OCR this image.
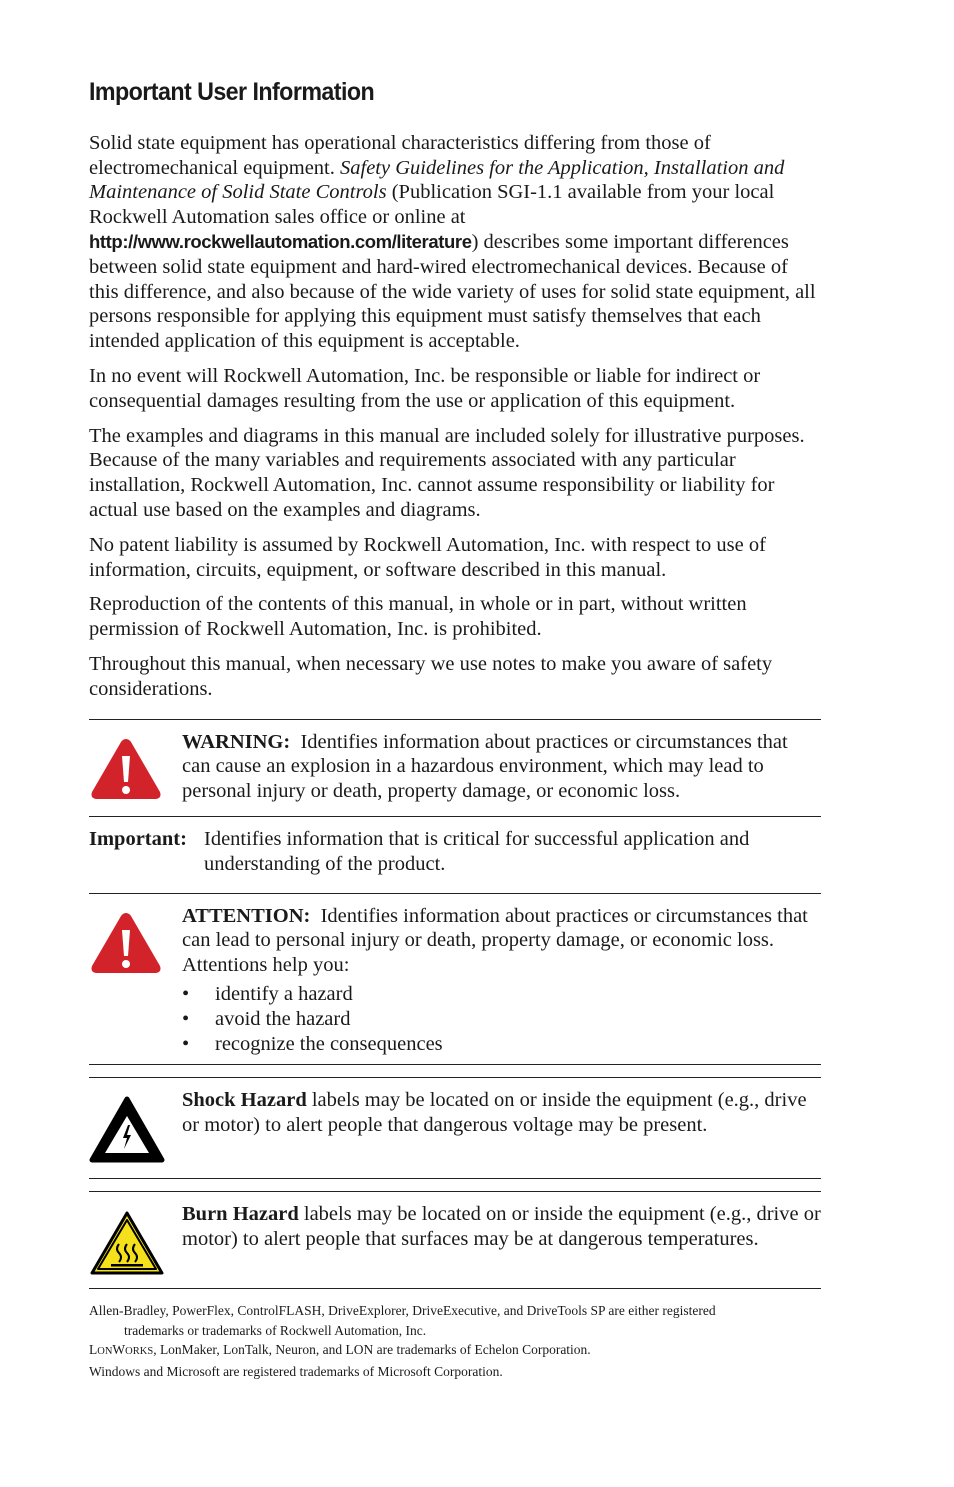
Important User Information

Solid state equipment has operational characteristics differing from those of electromechanical equipment. Safety Guidelines for the Application, Installation and Maintenance of Solid State Controls (Publication SGI-1.1 available from your local Rockwell Automation sales office or online at http://www.rockwellautomation.com/literature) describes some important differences between solid state equipment and hard-wired electromechanical devices. Because of this difference, and also because of the wide variety of uses for solid state equipment, all persons responsible for applying this equipment must satisfy themselves that each intended application of this equipment is acceptable.

In no event will Rockwell Automation, Inc. be responsible or liable for indirect or consequential damages resulting from the use or application of this equipment.

The examples and diagrams in this manual are included solely for illustrative purposes. Because of the many variables and requirements associated with any particular installation, Rockwell Automation, Inc. cannot assume responsibility or liability for actual use based on the examples and diagrams.

No patent liability is assumed by Rockwell Automation, Inc. with respect to use of information, circuits, equipment, or software described in this manual.

Reproduction of the contents of this manual, in whole or in part, without written permission of Rockwell Automation, Inc. is prohibited.

Throughout this manual, when necessary we use notes to make you aware of safety considerations.

WARNING: Identifies information about practices or circumstances that can cause an explosion in a hazardous environment, which may lead to personal injury or death, property damage, or economic loss.

Important: Identifies information that is critical for successful application and understanding of the product.

ATTENTION: Identifies information about practices or circumstances that can lead to personal injury or death, property damage, or economic loss. Attentions help you:

• identify a hazard
• avoid the hazard
• recognize the consequences

Shock Hazard labels may be located on or inside the equipment (e.g., drive or motor) to alert people that dangerous voltage may be present.

Burn Hazard labels may be located on or inside the equipment (e.g., drive or motor) to alert people that surfaces may be at dangerous temperatures.

Allen-Bradley, PowerFlex, ControlFLASH, DriveExplorer, DriveExecutive, and DriveTools SP are either registered

trademarks or trademarks of Rockwell Automation, Inc.

LONWORKS, LonMaker, LonTalk, Neuron, and LON are trademarks of Echelon Corporation.

Windows and Microsoft are registered trademarks of Microsoft Corporation.
